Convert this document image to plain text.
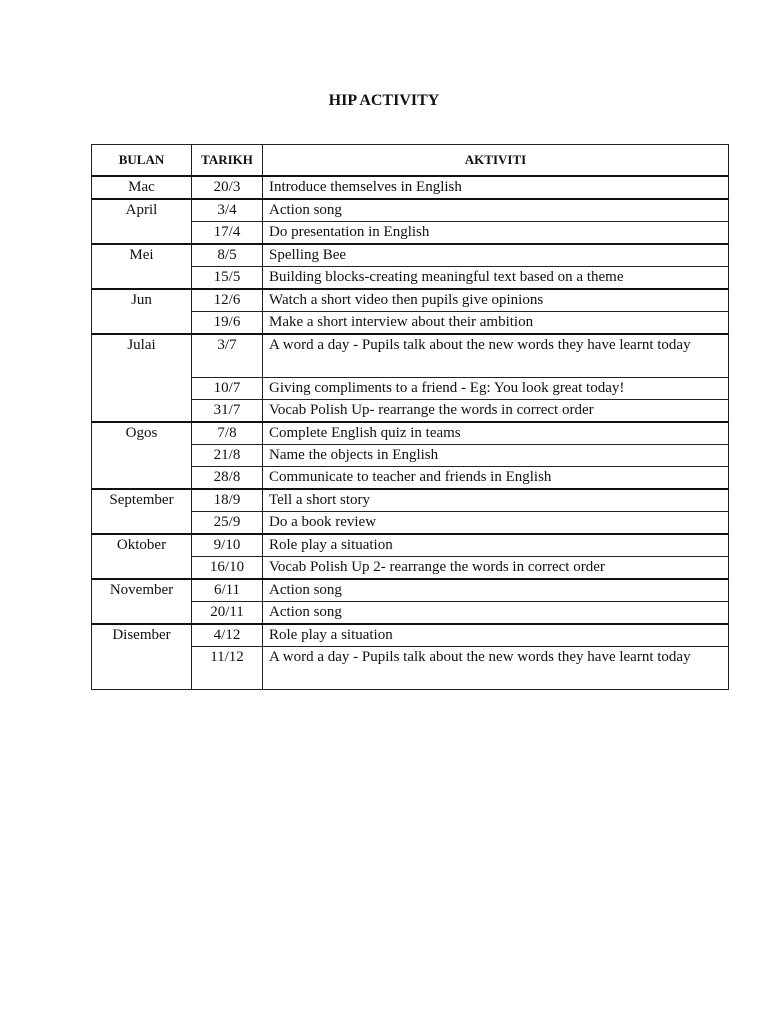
HIP ACTIVITY
BULAN	TARIKH	AKTIVITI
Mac	20/3	Introduce themselves in English
April	3/4	Action song
	17/4	Do presentation in English
Mei	8/5	Spelling Bee
	15/5	Building blocks-creating meaningful text based on a theme
Jun	12/6	Watch a short video then pupils give opinions
	19/6	Make a short interview about their ambition
Julai	3/7	A word a day - Pupils talk about the new words they have learnt today
	10/7	Giving compliments to a friend - Eg: You look great today!
	31/7	Vocab Polish Up- rearrange the words in correct order
Ogos	7/8	Complete English quiz in teams
	21/8	Name the objects in English
	28/8	Communicate to teacher and friends in English
September	18/9	Tell a short story
	25/9	Do a book review
Oktober	9/10	Role play a situation
	16/10	Vocab Polish Up 2- rearrange the words in correct order
November	6/11	Action song
	20/11	Action song
Disember	4/12	Role play a situation
	11/12	A word a day - Pupils talk about the new words they have learnt today
